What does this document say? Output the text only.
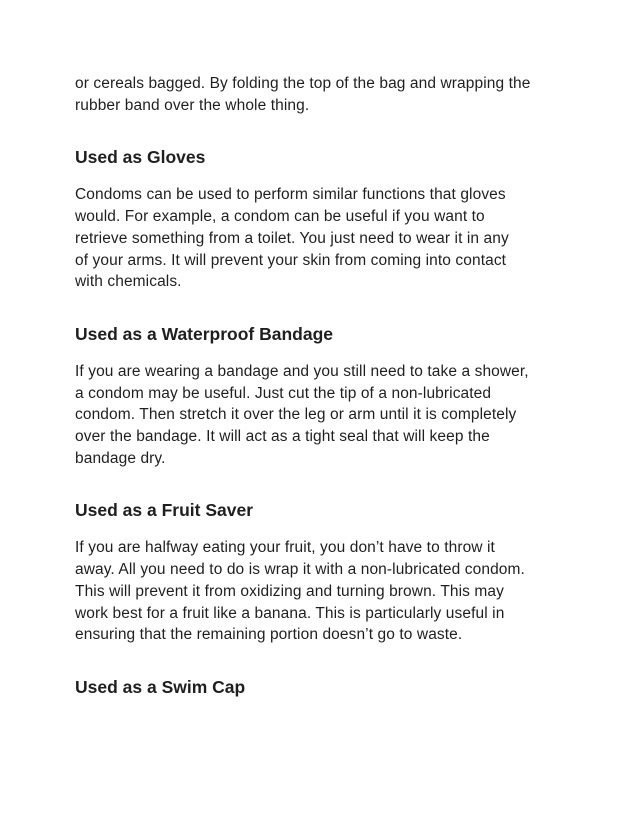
or cereals bagged. By folding the top of the bag and wrapping the
rubber band over the whole thing.

Used as Gloves

Condoms can be used to perform similar functions that gloves
would. For example, a condom can be useful if you want to
retrieve something from a toilet. You just need to wear it in any
of your arms. It will prevent your skin from coming into contact
with chemicals.

Used as a Waterproof Bandage

If you are wearing a bandage and you still need to take a shower,
a condom may be useful. Just cut the tip of a non-lubricated
condom. Then stretch it over the leg or arm until it is completely
over the bandage. It will act as a tight seal that will keep the
bandage dry.

Used as a Fruit Saver

If you are halfway eating your fruit, you don’t have to throw it
away. All you need to do is wrap it with a non-lubricated condom.
This will prevent it from oxidizing and turning brown. This may
work best for a fruit like a banana. This is particularly useful in
ensuring that the remaining portion doesn’t go to waste.

Used as a Swim Cap
